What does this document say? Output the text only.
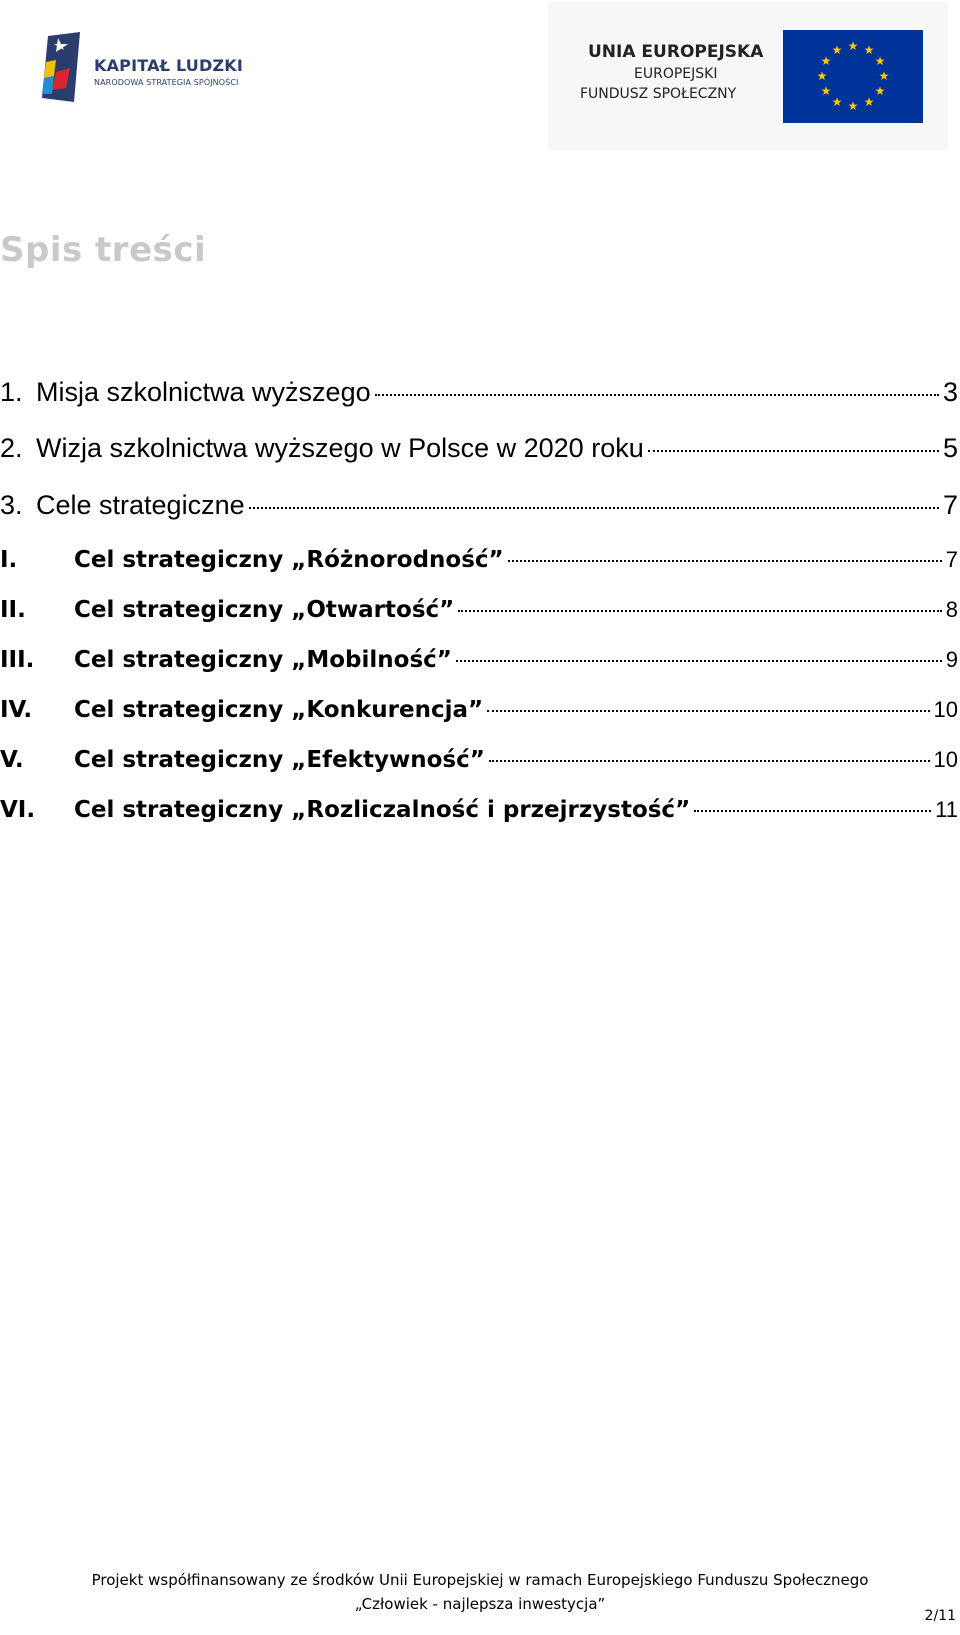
KAPITAŁ LUDZKI
NARODOWA STRATEGIA SPÓJNOŚCI
UNIA EUROPEJSKA
EUROPEJSKI
FUNDUSZ SPOŁECZNY
★ ★
★
★
★
★
★
★
★
★
★
★
Spis treści
1. Misja szkolnictwa wyższego	3
2. Wizja szkolnictwa wyższego w Polsce w 2020 roku	5
3. Cele strategiczne	7
I.	Cel strategiczny „Różnorodność”	7
II.	Cel strategiczny „Otwartość”	8
III.	Cel strategiczny „Mobilność”	9
IV.	Cel strategiczny „Konkurencja”	10
V.	Cel strategiczny „Efektywność”	10
VI.	Cel strategiczny „Rozliczalność i przejrzystość”	11
Projekt współfinansowany ze środków Unii Europejskiej w ramach Europejskiego Funduszu Społecznego
„Człowiek - najlepsza inwestycja”
2/11
